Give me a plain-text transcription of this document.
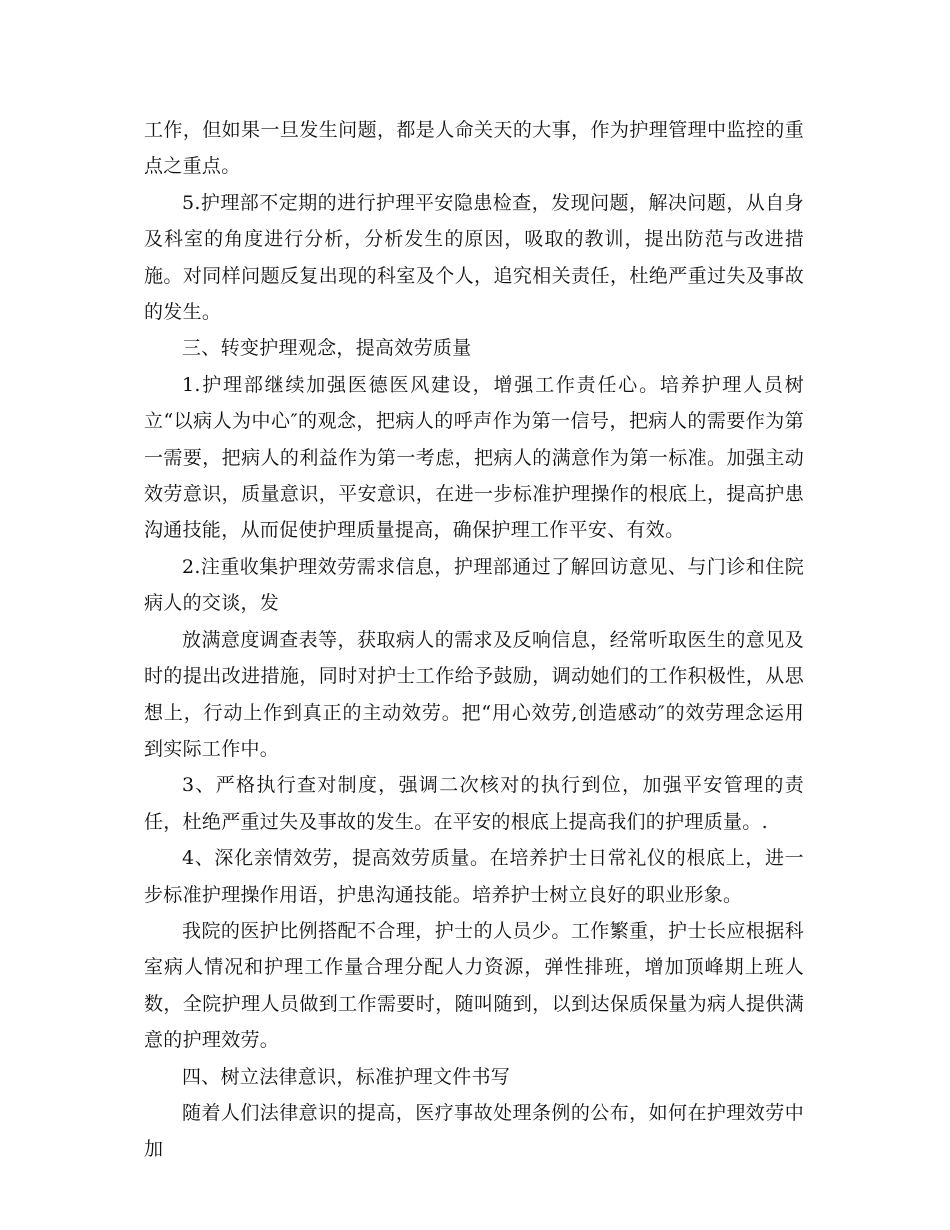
工作，但如果一旦发生问题，都是人命关天的大事，作为护理管理中监控的重点之重点。

5.护理部不定期的进行护理平安隐患检查，发现问题，解决问题，从自身及科室的角度进行分析，分析发生的原因，吸取的教训，提出防范与改进措施。对同样问题反复出现的科室及个人，追究相关责任，杜绝严重过失及事故的发生。

三、转变护理观念，提高效劳质量

1.护理部继续加强医德医风建设，增强工作责任心。培养护理人员树立“以病人为中心″的观念，把病人的呼声作为第一信号，把病人的需要作为第一需要，把病人的利益作为第一考虑，把病人的满意作为第一标准。加强主动效劳意识，质量意识，平安意识，在进一步标准护理操作的根底上，提高护患沟通技能，从而促使护理质量提高，确保护理工作平安、有效。

2.注重收集护理效劳需求信息，护理部通过了解回访意见、与门诊和住院病人的交谈，发

放满意度调查表等，获取病人的需求及反响信息，经常听取医生的意见及时的提出改进措施，同时对护士工作给予鼓励，调动她们的工作积极性，从思想上，行动上作到真正的主动效劳。把“用心效劳,创造感动″的效劳理念运用到实际工作中。

3、严格执行查对制度，强调二次核对的执行到位，加强平安管理的责任，杜绝严重过失及事故的发生。在平安的根底上提高我们的护理质量。.

4、深化亲情效劳，提高效劳质量。在培养护士日常礼仪的根底上，进一步标准护理操作用语，护患沟通技能。培养护士树立良好的职业形象。

我院的医护比例搭配不合理，护士的人员少。工作繁重，护士长应根据科室病人情况和护理工作量合理分配人力资源，弹性排班，增加顶峰期上班人数，全院护理人员做到工作需要时，随叫随到，以到达保质保量为病人提供满意的护理效劳。

四、树立法律意识，标准护理文件书写

随着人们法律意识的提高，医疗事故处理条例的公布，如何在护理效劳中加
